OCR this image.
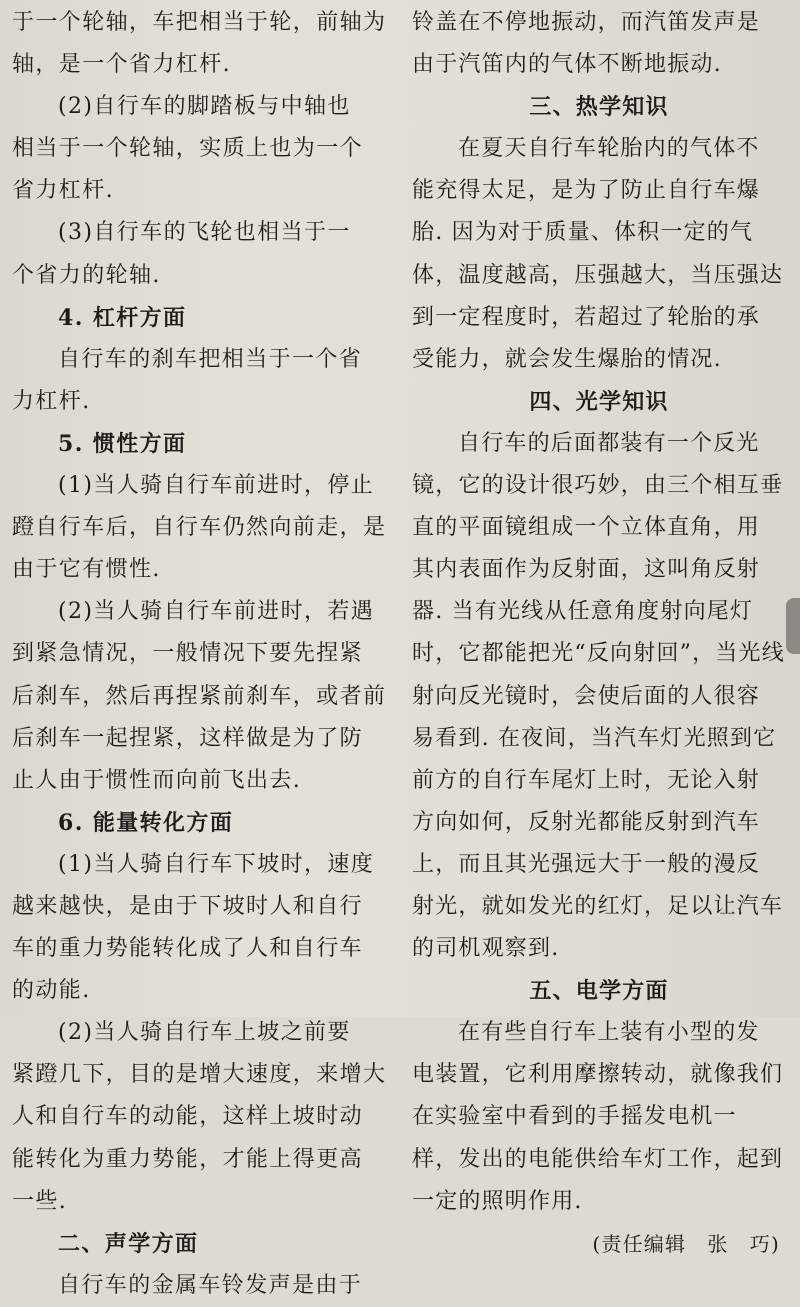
于一个轮轴，车把相当于轮，前轴为
轴，是一个省力杠杆.
(2)自行车的脚踏板与中轴也
相当于一个轮轴，实质上也为一个
省力杠杆.
(3)自行车的飞轮也相当于一
个省力的轮轴.
4. 杠杆方面
自行车的刹车把相当于一个省
力杠杆.
5. 惯性方面
(1)当人骑自行车前进时，停止
蹬自行车后，自行车仍然向前走，是
由于它有惯性.
(2)当人骑自行车前进时，若遇
到紧急情况，一般情况下要先捏紧
后刹车，然后再捏紧前刹车，或者前
后刹车一起捏紧，这样做是为了防
止人由于惯性而向前飞出去.
6. 能量转化方面
(1)当人骑自行车下坡时，速度
越来越快，是由于下坡时人和自行
车的重力势能转化成了人和自行车
的动能.
(2)当人骑自行车上坡之前要
紧蹬几下，目的是增大速度，来增大
人和自行车的动能，这样上坡时动
能转化为重力势能，才能上得更高
一些.
二、声学方面
自行车的金属车铃发声是由于
铃盖在不停地振动，而汽笛发声是
由于汽笛内的气体不断地振动.
三、热学知识
在夏天自行车轮胎内的气体不
能充得太足，是为了防止自行车爆
胎. 因为对于质量、体积一定的气
体，温度越高，压强越大，当压强达
到一定程度时，若超过了轮胎的承
受能力，就会发生爆胎的情况.
四、光学知识
自行车的后面都装有一个反光
镜，它的设计很巧妙，由三个相互垂
直的平面镜组成一个立体直角，用
其内表面作为反射面，这叫角反射
器. 当有光线从任意角度射向尾灯
时，它都能把光“反向射回”，当光线
射向反光镜时，会使后面的人很容
易看到. 在夜间，当汽车灯光照到它
前方的自行车尾灯上时，无论入射
方向如何，反射光都能反射到汽车
上，而且其光强远大于一般的漫反
射光，就如发光的红灯，足以让汽车
的司机观察到.
五、电学方面
在有些自行车上装有小型的发
电装置，它利用摩擦转动，就像我们
在实验室中看到的手摇发电机一
样，发出的电能供给车灯工作，起到
一定的照明作用.
(责任编辑　张　巧)
